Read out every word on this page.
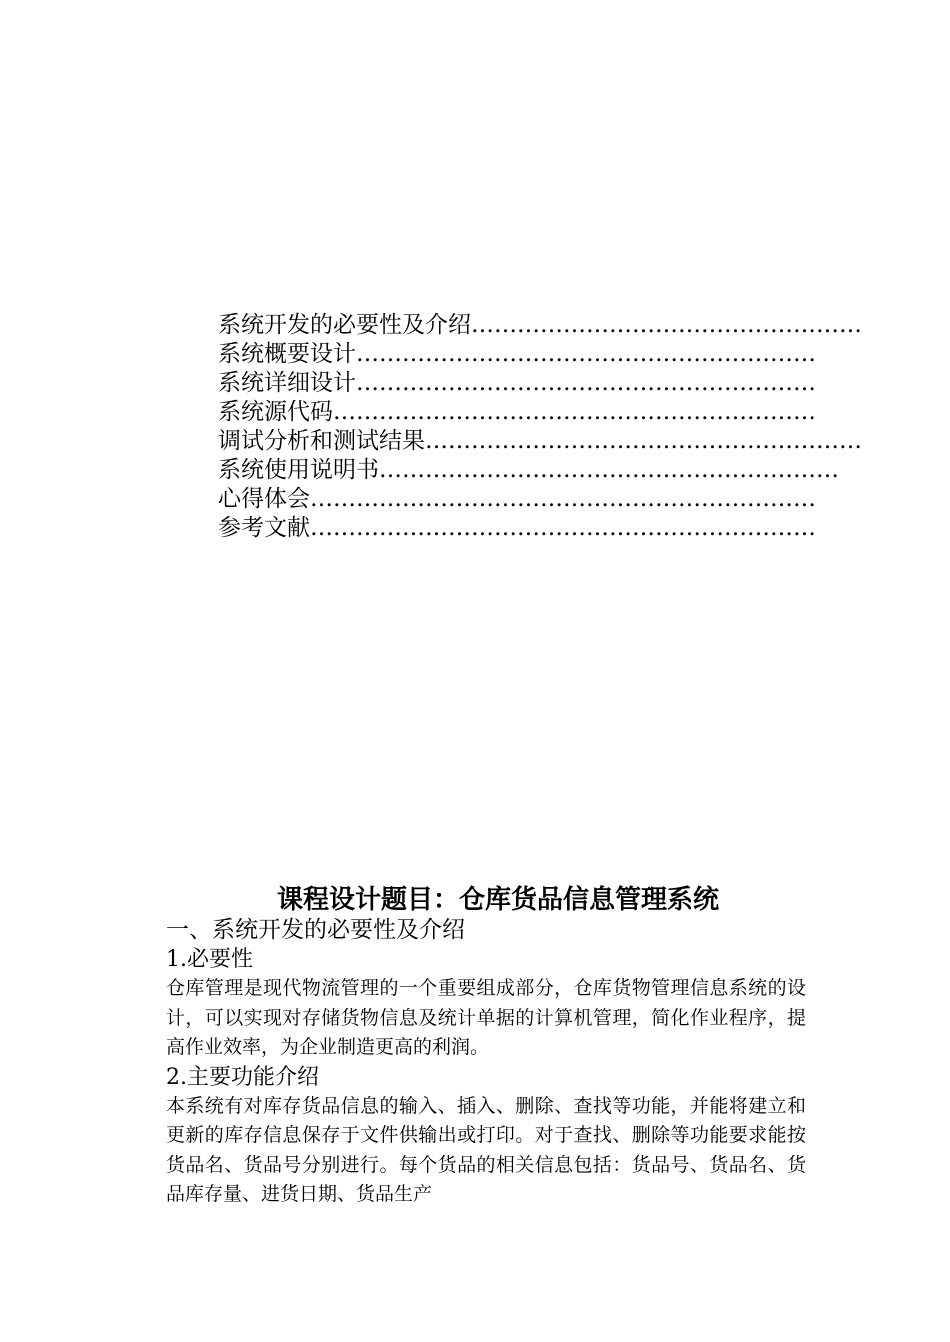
系统开发的必要性及介绍 ……………………………………………
系统概要设计 ……………………………………………………
系统详细设计 ……………………………………………………
系统源代码 ………………………………………………………
调试分析和测试结果 …………………………………………………
系统使用说明书 ……………………………………………………
心得体会 …………………………………………………………
参考文献 …………………………………………………………
课程设计题目：仓库货品信息管理系统
一、系统开发的必要性及介绍
1.必要性

仓库管理是现代物流管理的一个重要组成部分，仓库货物管理信息系统的设计，可以实现对存储货物信息及统计单据的计算机管理，简化作业程序，提高作业效率，为企业制造更高的利润。

2.主要功能介绍

本系统有对库存货品信息的输入、插入、删除、查找等功能，并能将建立和更新的库存信息保存于文件供输出或打印。对于查找、删除等功能要求能按货品名、货品号分别进行。每个货品的相关信息包括：货品号、货品名、货品库存量、进货日期、货品生产
